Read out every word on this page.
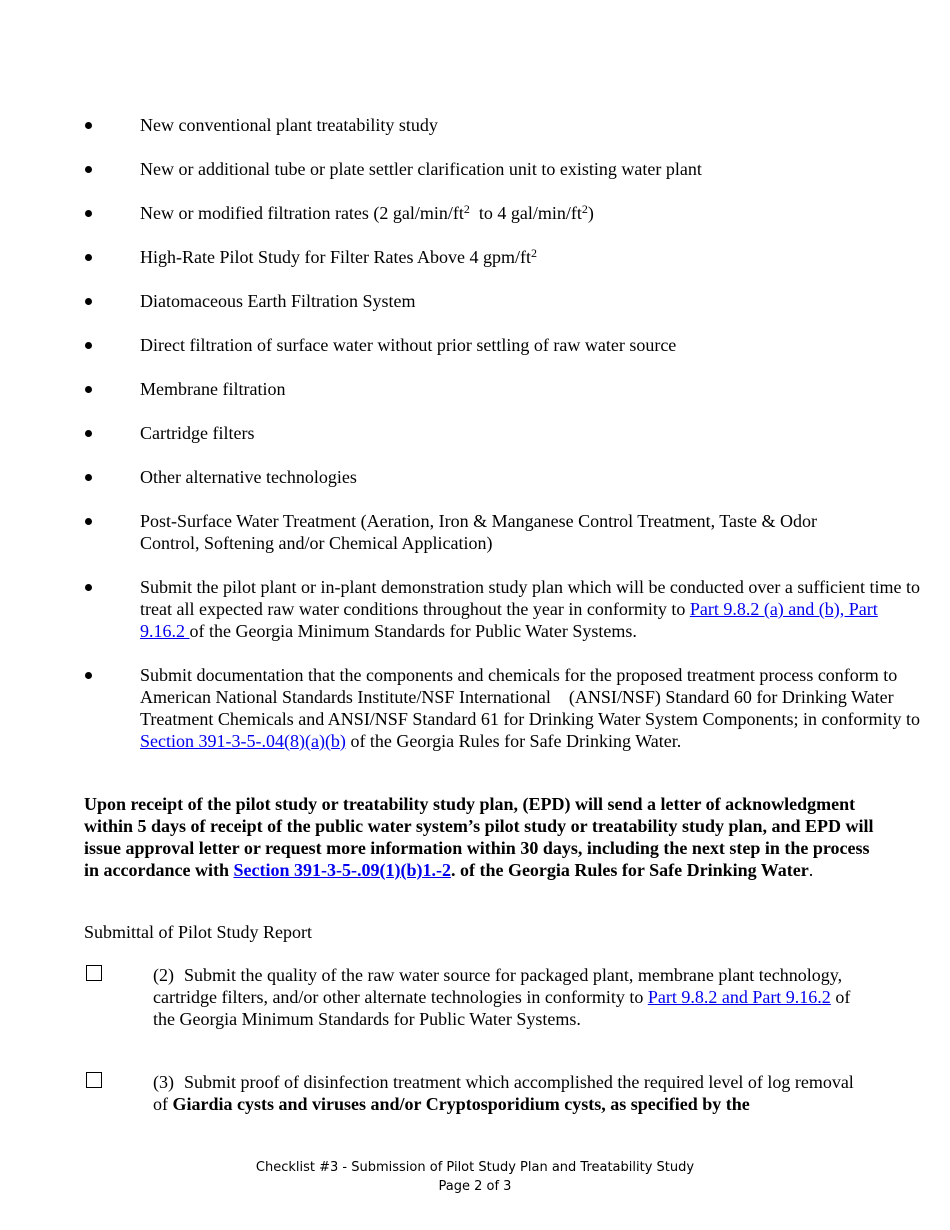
New conventional plant treatability study
New or additional tube or plate settler clarification unit to existing water plant
New or modified filtration rates (2 gal/$\min/ft^2$  to 4 gal/$\min/ft^2$)
High-Rate Pilot Study for Filter Rates Above 4 gpm/$ft^2$
Diatomaceous Earth Filtration System
Direct filtration of surface water without prior settling of raw water source
Membrane filtration
Cartridge filters
Other alternative technologies
Post-Surface Water Treatment (Aeration, Iron & Manganese Control Treatment, Taste & Odor Control, Softening and/or Chemical Application)
Submit the pilot plant or in-plant demonstration study plan which will be conducted over a sufficient time to treat all expected raw water conditions throughout the year in conformity to Part 9.8.2 (a) and (b), Part 9.16.2 of the Georgia Minimum Standards for Public Water Systems.
Submit documentation that the components and chemicals for the proposed treatment process conform to American National Standards Institute/NSF International    (ANSI/NSF) Standard 60 for Drinking Water Treatment Chemicals and ANSI/NSF Standard 61 for Drinking Water System Components; in conformity to Section 391-3-5-.04(8)(a)(b) of the Georgia Rules for Safe Drinking Water.
Upon receipt of the pilot study or treatability study plan, (EPD) will send a letter of acknowledgment within 5 days of receipt of the public water system’s pilot study or treatability study plan, and EPD will issue approval letter or request more information within 30 days, including the next step in the process in accordance with Section 391-3-5-.09(1)(b)1.-2. of the Georgia Rules for Safe Drinking Water.
Submittal of Pilot Study Report
(2) Submit the quality of the raw water source for packaged plant, membrane plant technology, cartridge filters, and/or other alternate technologies in conformity to Part 9.8.2 and Part 9.16.2 of the Georgia Minimum Standards for Public Water Systems.
(3) Submit proof of disinfection treatment which accomplished the required level of log removal of Giardia cysts and viruses and/or Cryptosporidium cysts, as specified by the
Checklist #3 - Submission of Pilot Study Plan and Treatability Study
Page 2 of 3
